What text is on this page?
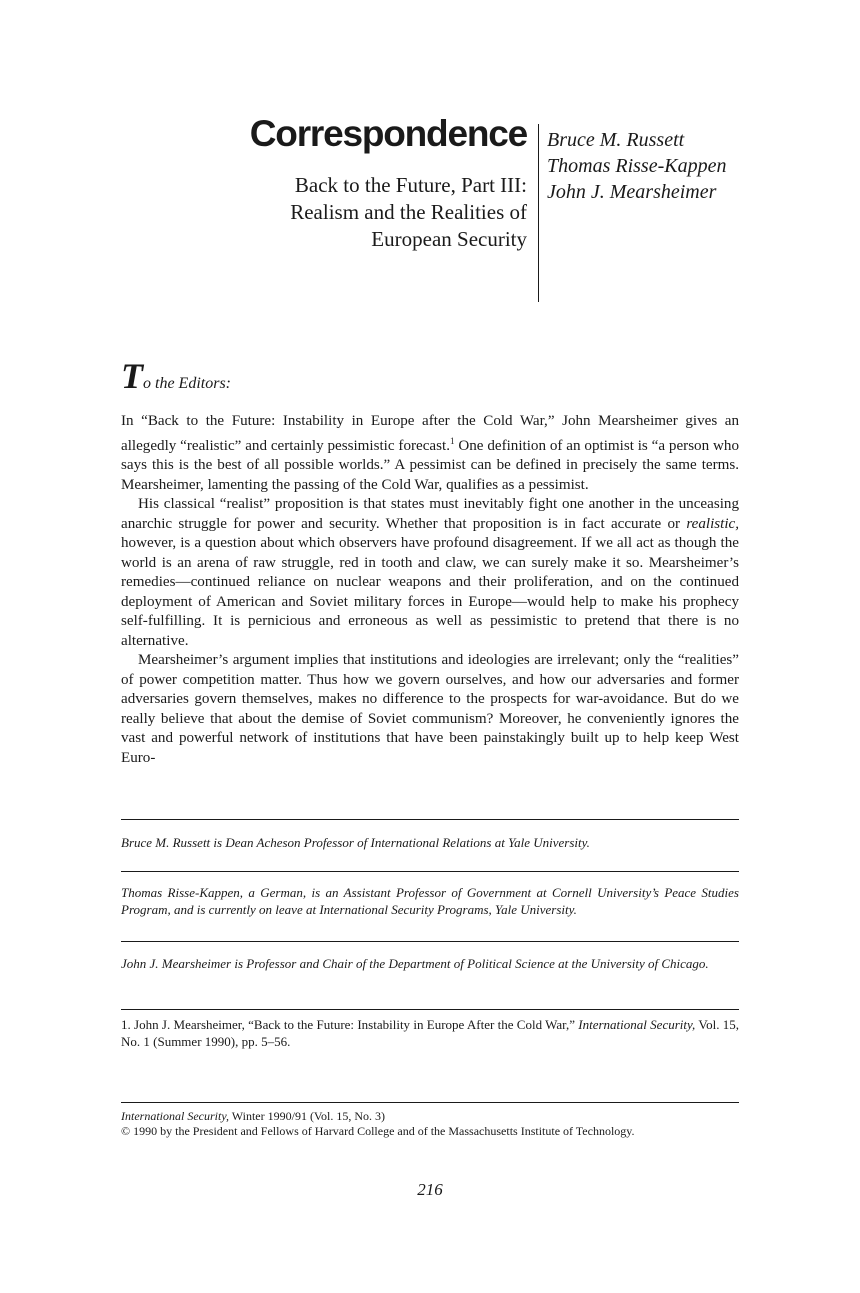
Correspondence
Back to the Future, Part III:
Realism and the Realities of
European Security
Bruce M. Russett
Thomas Risse-Kappen
John J. Mearsheimer
To the Editors:

In “Back to the Future: Instability in Europe after the Cold War,” John Mearsheimer gives an allegedly “realistic” and certainly pessimistic forecast.$^1$ One definition of an optimist is “a person who says this is the best of all possible worlds.” A pessimist can be defined in precisely the same terms. Mearsheimer, lamenting the passing of the Cold War, qualifies as a pessimist.

His classical “realist” proposition is that states must inevitably fight one another in the unceasing anarchic struggle for power and security. Whether that proposition is in fact accurate or realistic, however, is a question about which observers have profound disagreement. If we all act as though the world is an arena of raw struggle, red in tooth and claw, we can surely make it so. Mearsheimer’s remedies—continued reliance on nuclear weapons and their proliferation, and on the continued deployment of American and Soviet military forces in Europe—would help to make his prophecy self-fulfilling. It is pernicious and erroneous as well as pessimistic to pretend that there is no alternative.

Mearsheimer’s argument implies that institutions and ideologies are irrelevant; only the “realities” of power competition matter. Thus how we govern ourselves, and how our adversaries and former adversaries govern themselves, makes no difference to the prospects for war-avoidance. But do we really believe that about the demise of Soviet communism? Moreover, he conveniently ignores the vast and powerful network of institutions that have been painstakingly built up to help keep West Euro-

Bruce M. Russett is Dean Acheson Professor of International Relations at Yale University.
Thomas Risse-Kappen, a German, is an Assistant Professor of Government at Cornell University’s Peace Studies Program, and is currently on leave at International Security Programs, Yale University.
John J. Mearsheimer is Professor and Chair of the Department of Political Science at the University of Chicago.
1. John J. Mearsheimer, “Back to the Future: Instability in Europe After the Cold War,” International Security, Vol. 15, No. 1 (Summer 1990), pp. 5–56.
International Security, Winter 1990/91 (Vol. 15, No. 3)
© 1990 by the President and Fellows of Harvard College and of the Massachusetts Institute of Technology.
216
